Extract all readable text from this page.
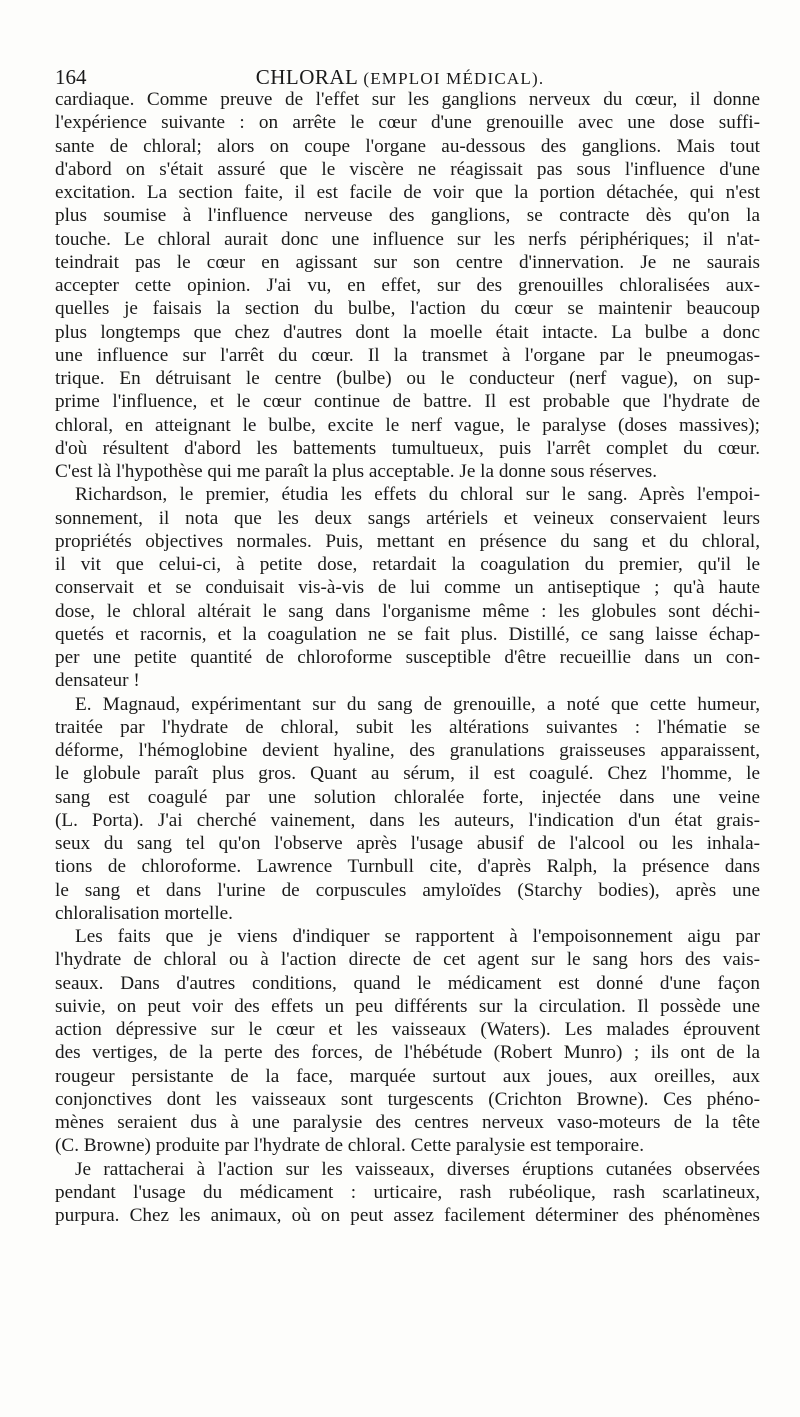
164	CHLORAL (EMPLOI MÉDICAL).
cardiaque. Comme preuve de l'effet sur les ganglions nerveux du cœur, il donne
l'expérience suivante : on arrête le cœur d'une grenouille avec une dose suffi-
sante de chloral; alors on coupe l'organe au-dessous des ganglions. Mais tout
d'abord on s'était assuré que le viscère ne réagissait pas sous l'influence d'une
excitation. La section faite, il est facile de voir que la portion détachée, qui n'est
plus soumise à l'influence nerveuse des ganglions, se contracte dès qu'on la
touche. Le chloral aurait donc une influence sur les nerfs périphériques; il n'at-
teindrait pas le cœur en agissant sur son centre d'innervation. Je ne saurais
accepter cette opinion. J'ai vu, en effet, sur des grenouilles chloralisées aux-
quelles je faisais la section du bulbe, l'action du cœur se maintenir beaucoup
plus longtemps que chez d'autres dont la moelle était intacte. La bulbe a donc
une influence sur l'arrêt du cœur. Il la transmet à l'organe par le pneumogas-
trique. En détruisant le centre (bulbe) ou le conducteur (nerf vague), on sup-
prime l'influence, et le cœur continue de battre. Il est probable que l'hydrate de
chloral, en atteignant le bulbe, excite le nerf vague, le paralyse (doses massives);
d'où résultent d'abord les battements tumultueux, puis l'arrêt complet du cœur.
C'est là l'hypothèse qui me paraît la plus acceptable. Je la donne sous réserves.
Richardson, le premier, étudia les effets du chloral sur le sang. Après l'empoi-
sonnement, il nota que les deux sangs artériels et veineux conservaient leurs
propriétés objectives normales. Puis, mettant en présence du sang et du chloral,
il vit que celui-ci, à petite dose, retardait la coagulation du premier, qu'il le
conservait et se conduisait vis-à-vis de lui comme un antiseptique ; qu'à haute
dose, le chloral altérait le sang dans l'organisme même : les globules sont déchi-
quetés et racornis, et la coagulation ne se fait plus. Distillé, ce sang laisse échap-
per une petite quantité de chloroforme susceptible d'être recueillie dans un con-
densateur !
E. Magnaud, expérimentant sur du sang de grenouille, a noté que cette humeur,
traitée par l'hydrate de chloral, subit les altérations suivantes : l'hématie se
déforme, l'hémoglobine devient hyaline, des granulations graisseuses apparaissent,
le globule paraît plus gros. Quant au sérum, il est coagulé. Chez l'homme, le
sang est coagulé par une solution chloralée forte, injectée dans une veine
(L. Porta). J'ai cherché vainement, dans les auteurs, l'indication d'un état grais-
seux du sang tel qu'on l'observe après l'usage abusif de l'alcool ou les inhala-
tions de chloroforme. Lawrence Turnbull cite, d'après Ralph, la présence dans
le sang et dans l'urine de corpuscules amyloïdes (Starchy bodies), après une
chloralisation mortelle.
Les faits que je viens d'indiquer se rapportent à l'empoisonnement aigu par
l'hydrate de chloral ou à l'action directe de cet agent sur le sang hors des vais-
seaux. Dans d'autres conditions, quand le médicament est donné d'une façon
suivie, on peut voir des effets un peu différents sur la circulation. Il possède une
action dépressive sur le cœur et les vaisseaux (Waters). Les malades éprouvent
des vertiges, de la perte des forces, de l'hébétude (Robert Munro) ; ils ont de la
rougeur persistante de la face, marquée surtout aux joues, aux oreilles, aux
conjonctives dont les vaisseaux sont turgescents (Crichton Browne). Ces phéno-
mènes seraient dus à une paralysie des centres nerveux vaso-moteurs de la tête
(C. Browne) produite par l'hydrate de chloral. Cette paralysie est temporaire.
Je rattacherai à l'action sur les vaisseaux, diverses éruptions cutanées observées
pendant l'usage du médicament : urticaire, rash rubéolique, rash scarlatineux,
purpura. Chez les animaux, où on peut assez facilement déterminer des phénomènes
